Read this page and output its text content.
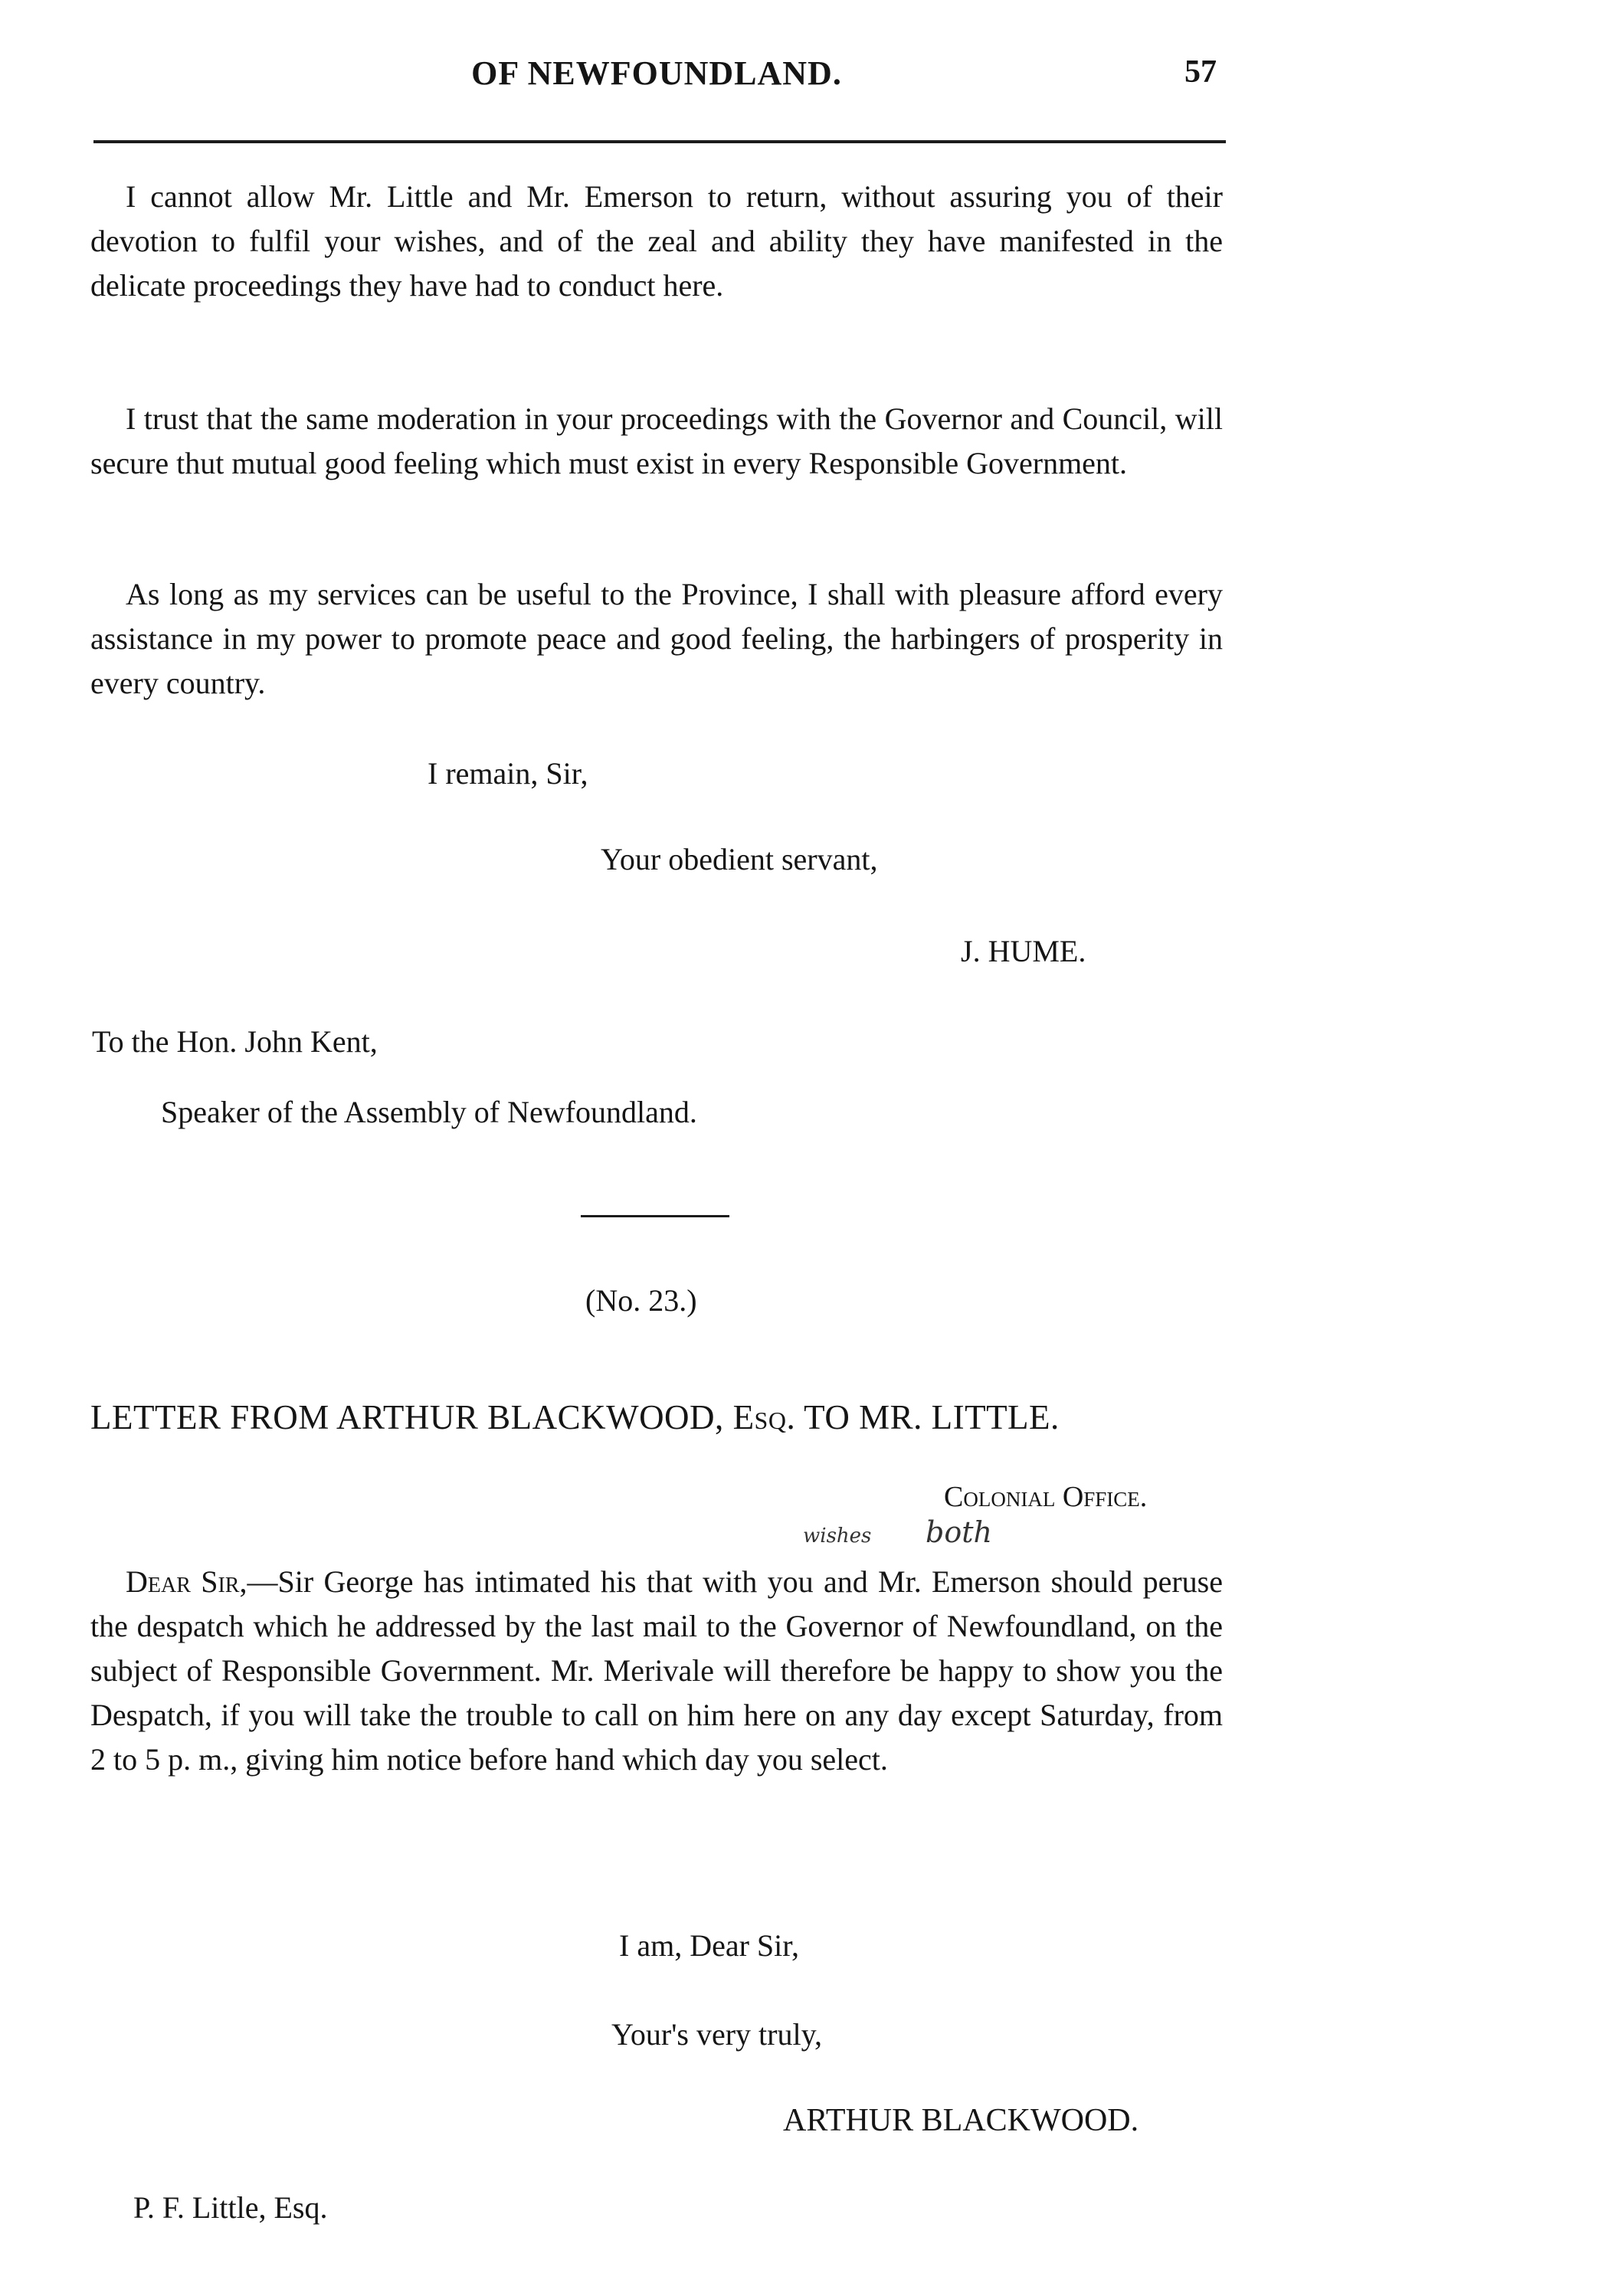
OF NEWFOUNDLAND.	57

I cannot allow Mr. Little and Mr. Emerson to return, without assuring you of their devotion to fulfil your wishes, and of the zeal and ability they have manifested in the delicate proceedings they have had to conduct here.

I trust that the same moderation in your proceedings with the Governor and Council, will secure thut mutual good feeling which must exist in every Responsible Government.

As long as my services can be useful to the Province, I shall with pleasure afford every assistance in my power to promote peace and good feeling, the harbingers of prosperity in every country.

I remain, Sir,
Your obedient servant,
J. HUME.
To the Hon. John Kent,
Speaker of the Assembly of Newfoundland.
(No. 23.)
LETTER FROM ARTHUR BLACKWOOD, Esq. TO MR. LITTLE.
Colonial Office.
wishes both

Dear Sir,—Sir George has intimated his that with you and Mr. Emerson should peruse the despatch which he addressed by the last mail to the Governor of Newfoundland, on the subject of Responsible Government. Mr. Merivale will therefore be happy to show you the Despatch, if you will take the trouble to call on him here on any day except Saturday, from 2 to 5 p. m., giving him notice before hand which day you select.

I am, Dear Sir,
Your's very truly,
ARTHUR BLACKWOOD.
P. F. Little, Esq.
